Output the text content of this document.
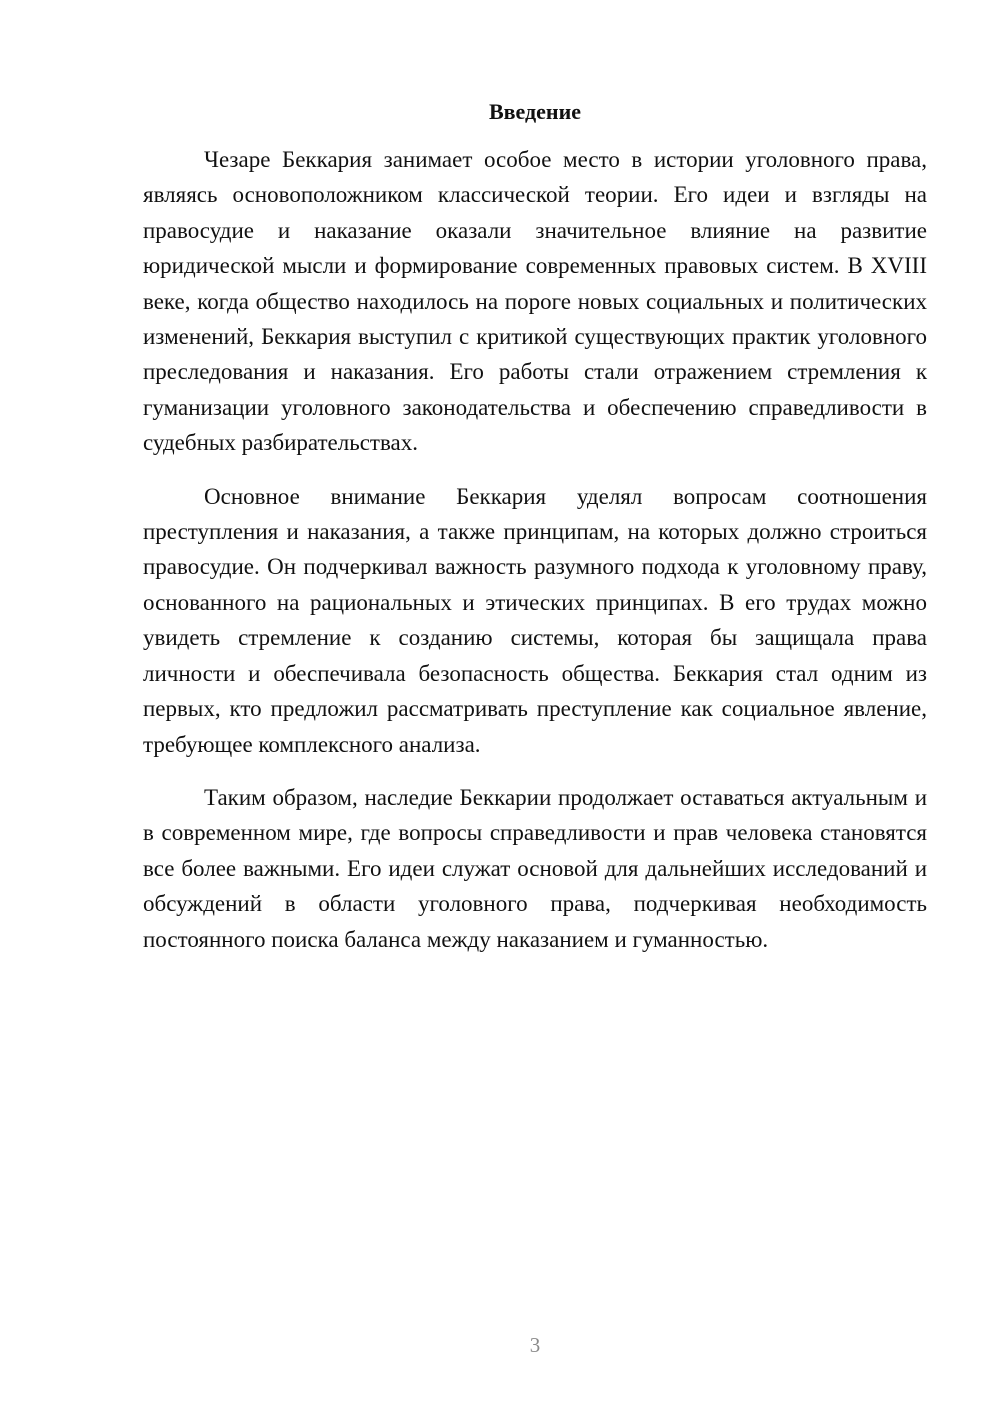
Введение

Чезаре Беккария занимает особое место в истории уголовного права, являясь основоположником классической теории. Его идеи и взгляды на правосудие и наказание оказали значительное влияние на развитие юридической мысли и формирование современных правовых систем. В XVIII веке, когда общество находилось на пороге новых социальных и политических изменений, Беккария выступил с критикой существующих практик уголовного преследования и наказания. Его работы стали отражением стремления к гуманизации уголовного законодательства и обеспечению справедливости в судебных разбирательствах.

Основное внимание Беккария уделял вопросам соотношения преступления и наказания, а также принципам, на которых должно строиться правосудие. Он подчеркивал важность разумного подхода к уголовному праву, основанного на рациональных и этических принципах. В его трудах можно увидеть стремление к созданию системы, которая бы защищала права личности и обеспечивала безопасность общества. Беккария стал одним из первых, кто предложил рассматривать преступление как социальное явление, требующее комплексного анализа.

Таким образом, наследие Беккарии продолжает оставаться актуальным и в современном мире, где вопросы справедливости и прав человека становятся все более важными. Его идеи служат основой для дальнейших исследований и обсуждений в области уголовного права, подчеркивая необходимость постоянного поиска баланса между наказанием и гуманностью.

3
